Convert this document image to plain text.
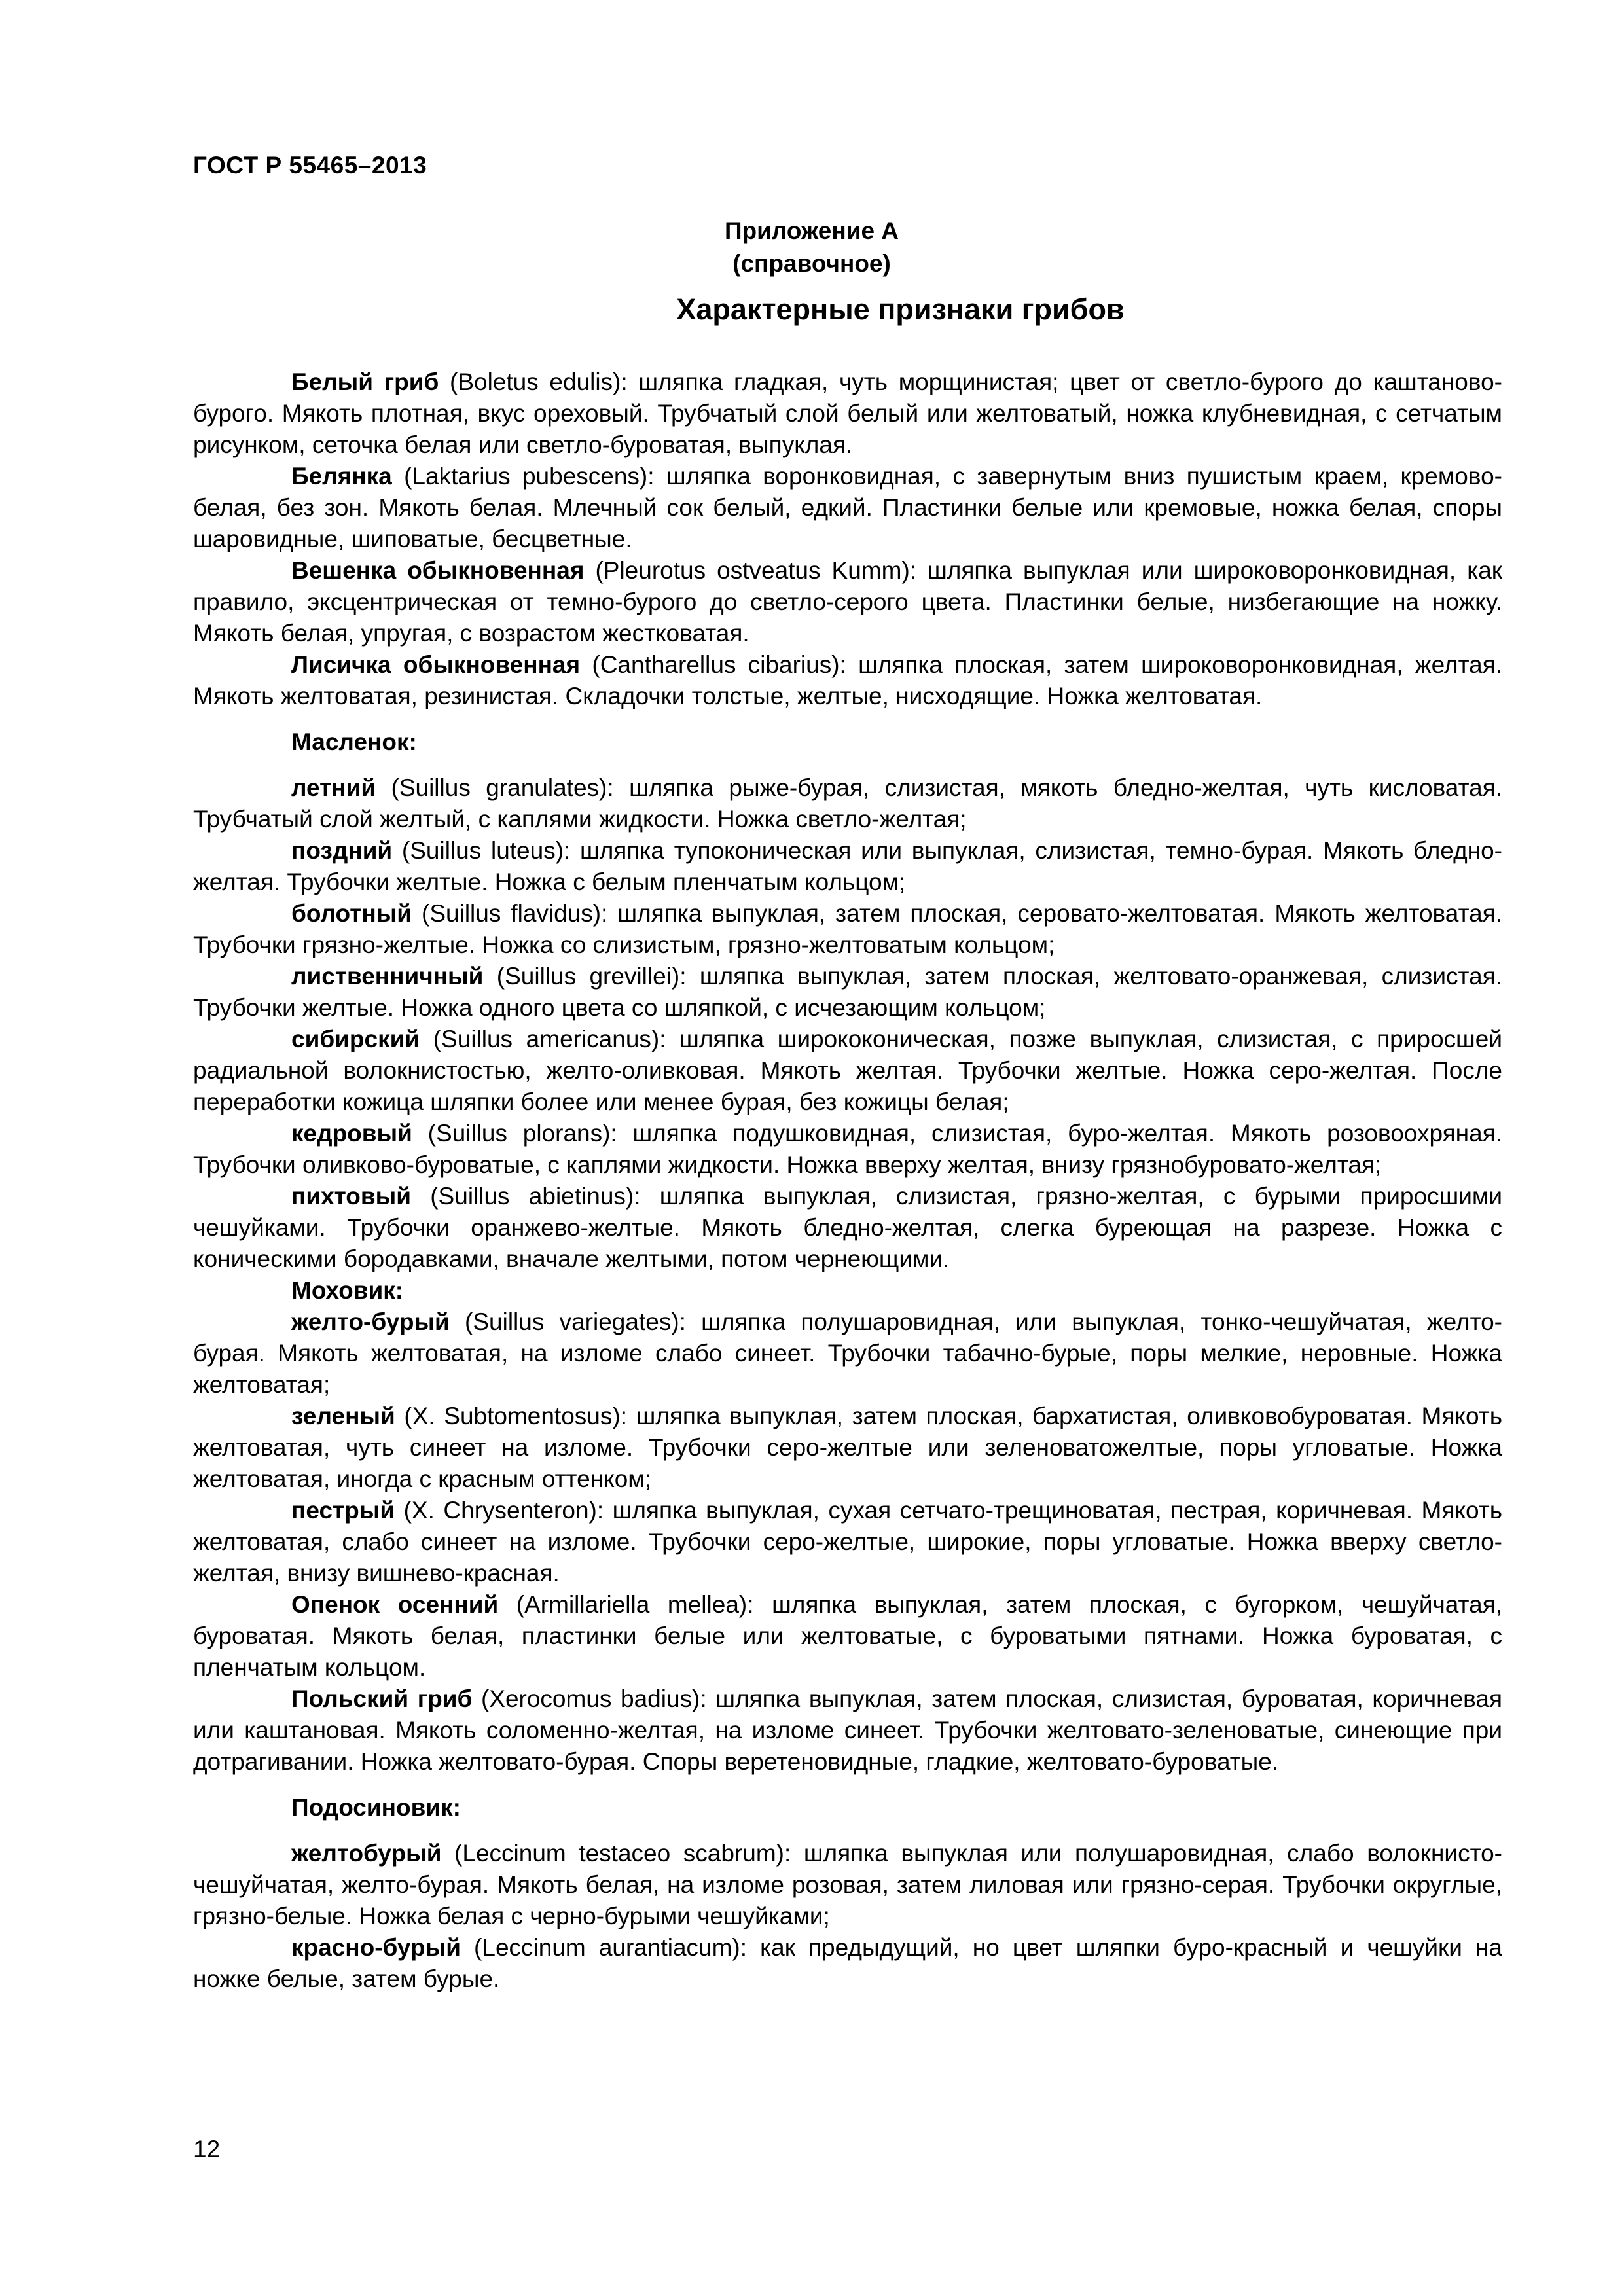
ГОСТ Р 55465–2013
Приложение А
(справочное)
Характерные признаки грибов

Белый гриб (Boletus edulis): шляпка гладкая, чуть морщинистая; цвет от светло-бурого до каштаново-бурого. Мякоть плотная, вкус ореховый. Трубчатый слой белый или желтоватый, ножка клубневидная, с сетчатым рисунком, сеточка белая или светло-буроватая, выпуклая.

Белянка (Laktarius pubescens): шляпка воронковидная, с завернутым вниз пушистым краем, кремово-белая, без зон. Мякоть белая. Млечный сок белый, едкий. Пластинки белые или кремовые, ножка белая, споры шаровидные, шиповатые, бесцветные.

Вешенка обыкновенная (Pleurotus ostveatus Kumm): шляпка выпуклая или широковоронковидная, как правило, эксцентрическая от темно-бурого до светло-серого цвета. Пластинки белые, низбегающие на ножку. Мякоть белая, упругая, с возрастом жестковатая.

Лисичка обыкновенная (Cantharellus cibarius): шляпка плоская, затем широковоронковидная, желтая. Мякоть желтоватая, резинистая. Складочки толстые, желтые, нисходящие. Ножка желтоватая.

Масленок:

летний (Suillus granulates): шляпка рыже-бурая, слизистая, мякоть бледно-желтая, чуть кисловатая. Трубчатый слой желтый, с каплями жидкости. Ножка светло-желтая;

поздний (Suillus luteus): шляпка тупоконическая или выпуклая, слизистая, темно-бурая. Мякоть бледно-желтая. Трубочки желтые. Ножка с белым пленчатым кольцом;

болотный (Suillus flavidus): шляпка выпуклая, затем плоская, серовато-желтоватая. Мякоть желтоватая. Трубочки грязно-желтые. Ножка со слизистым, грязно-желтоватым кольцом;

лиственничный (Suillus grevillei): шляпка выпуклая, затем плоская, желтовато-оранжевая, слизистая. Трубочки желтые. Ножка одного цвета со шляпкой, с исчезающим кольцом;

сибирский (Suillus americanus): шляпка ширококоническая, позже выпуклая, слизистая, с приросшей радиальной волокнистостью, желто-оливковая. Мякоть желтая. Трубочки желтые. Ножка серо-желтая. После переработки кожица шляпки более или менее бурая, без кожицы белая;

кедровый (Suillus plorans): шляпка подушковидная, слизистая, буро-желтая. Мякоть розовоохряная. Трубочки оливково-буроватые, с каплями жидкости. Ножка вверху желтая, внизу грязнобуровато-желтая;

пихтовый (Suillus abietinus): шляпка выпуклая, слизистая, грязно-желтая, с бурыми приросшими чешуйками. Трубочки оранжево-желтые. Мякоть бледно-желтая, слегка буреющая на разрезе. Ножка с коническими бородавками, вначале желтыми, потом чернеющими.

Моховик:

желто-бурый (Suillus variegates): шляпка полушаровидная, или выпуклая, тонко-чешуйчатая, желто-бурая. Мякоть желтоватая, на изломе слабо синеет. Трубочки табачно-бурые, поры мелкие, неровные. Ножка желтоватая;

зеленый (X. Subtomentosus): шляпка выпуклая, затем плоская, бархатистая, оливковобуроватая. Мякоть желтоватая, чуть синеет на изломе. Трубочки серо-желтые или зеленоватожелтые, поры угловатые. Ножка желтоватая, иногда с красным оттенком;

пестрый (X. Chrysenteron): шляпка выпуклая, сухая сетчато-трещиноватая, пестрая, коричневая. Мякоть желтоватая, слабо синеет на изломе. Трубочки серо-желтые, широкие, поры угловатые. Ножка вверху светло- желтая, внизу вишнево-красная.

Опенок осенний (Armillariella mellea): шляпка выпуклая, затем плоская, с бугорком, чешуйчатая, буроватая. Мякоть белая, пластинки белые или желтоватые, с буроватыми пятнами. Ножка буроватая, с пленчатым кольцом.

Польский гриб (Xerocomus badius): шляпка выпуклая, затем плоская, слизистая, буроватая, коричневая или каштановая. Мякоть соломенно-желтая, на изломе синеет. Трубочки желтовато-зеленоватые, синеющие при дотрагивании. Ножка желтовато-бурая. Споры веретеновидные, гладкие, желтовато-буроватые.

Подосиновик:

желтобурый (Leccinum testaceo scabrum): шляпка выпуклая или полушаровидная, слабо волокнисто-чешуйчатая, желто-бурая. Мякоть белая, на изломе розовая, затем лиловая или грязно-серая. Трубочки округлые, грязно-белые. Ножка белая с черно-бурыми чешуйками;

красно-бурый (Leccinum aurantiacum): как предыдущий, но цвет шляпки буро-красный и чешуйки на ножке белые, затем бурые.

12
